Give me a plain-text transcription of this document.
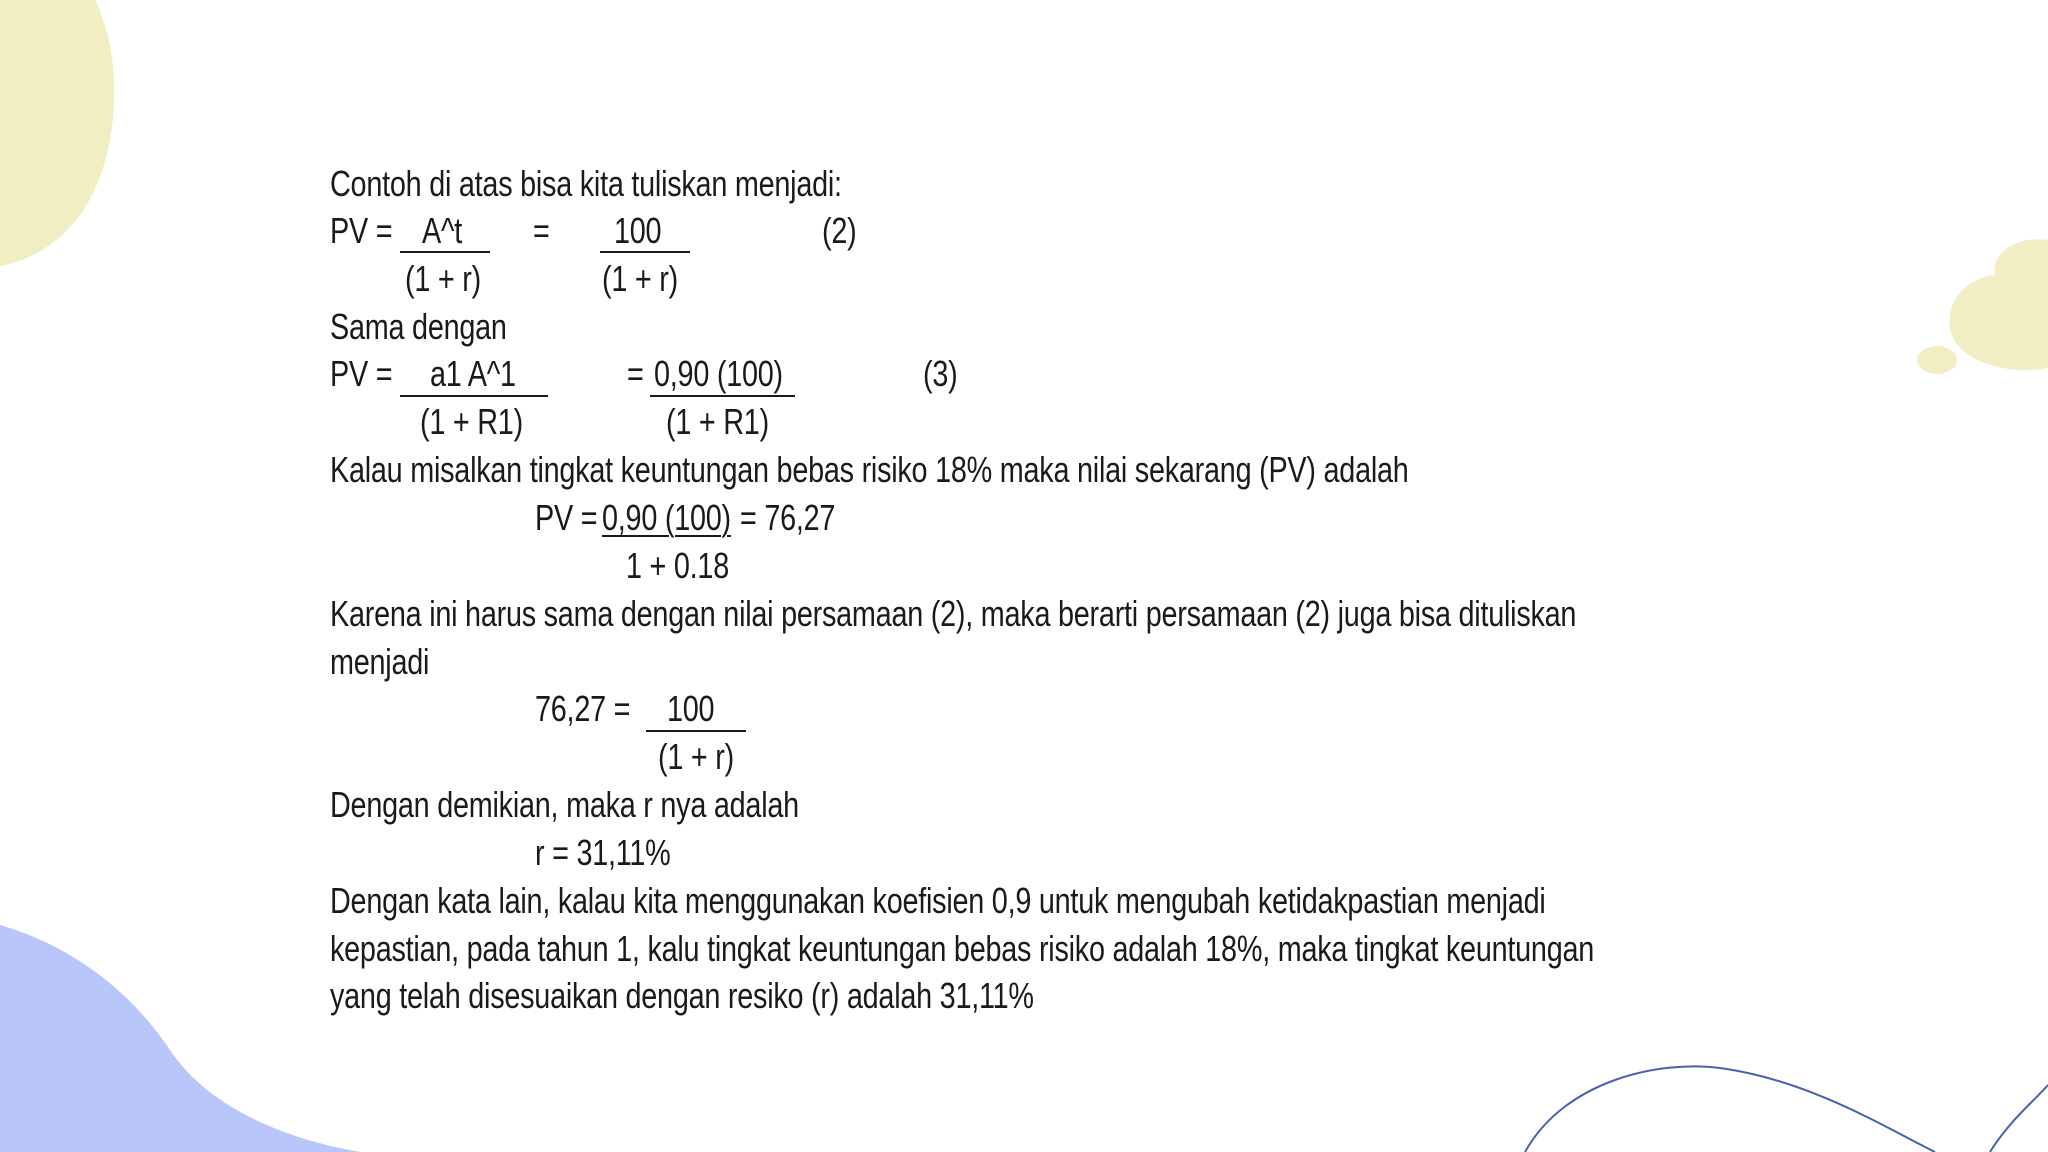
Contoh di atas bisa kita tuliskan menjadi:
PV = A^t = 100	(2)
(1 + r)	(1 + r)
Sama dengan
PV = a1 A^1	= 0,90 (100)	(3)
(1 + R1)	(1 + R1)
Kalau misalkan tingkat keuntungan bebas risiko 18% maka nilai sekarang (PV) adalah
PV = 0,90 (100) = 76,27
1 + 0.18
Karena ini harus sama dengan nilai persamaan (2), maka berarti persamaan (2) juga bisa dituliskan
menjadi
76,27 = 100
(1 + r)
Dengan demikian, maka r nya adalah
r = 31,11%
Dengan kata lain, kalau kita menggunakan koefisien 0,9 untuk mengubah ketidakpastian menjadi
kepastian, pada tahun 1, kalu tingkat keuntungan bebas risiko adalah 18%, maka tingkat keuntungan
yang telah disesuaikan dengan resiko (r) adalah 31,11%
